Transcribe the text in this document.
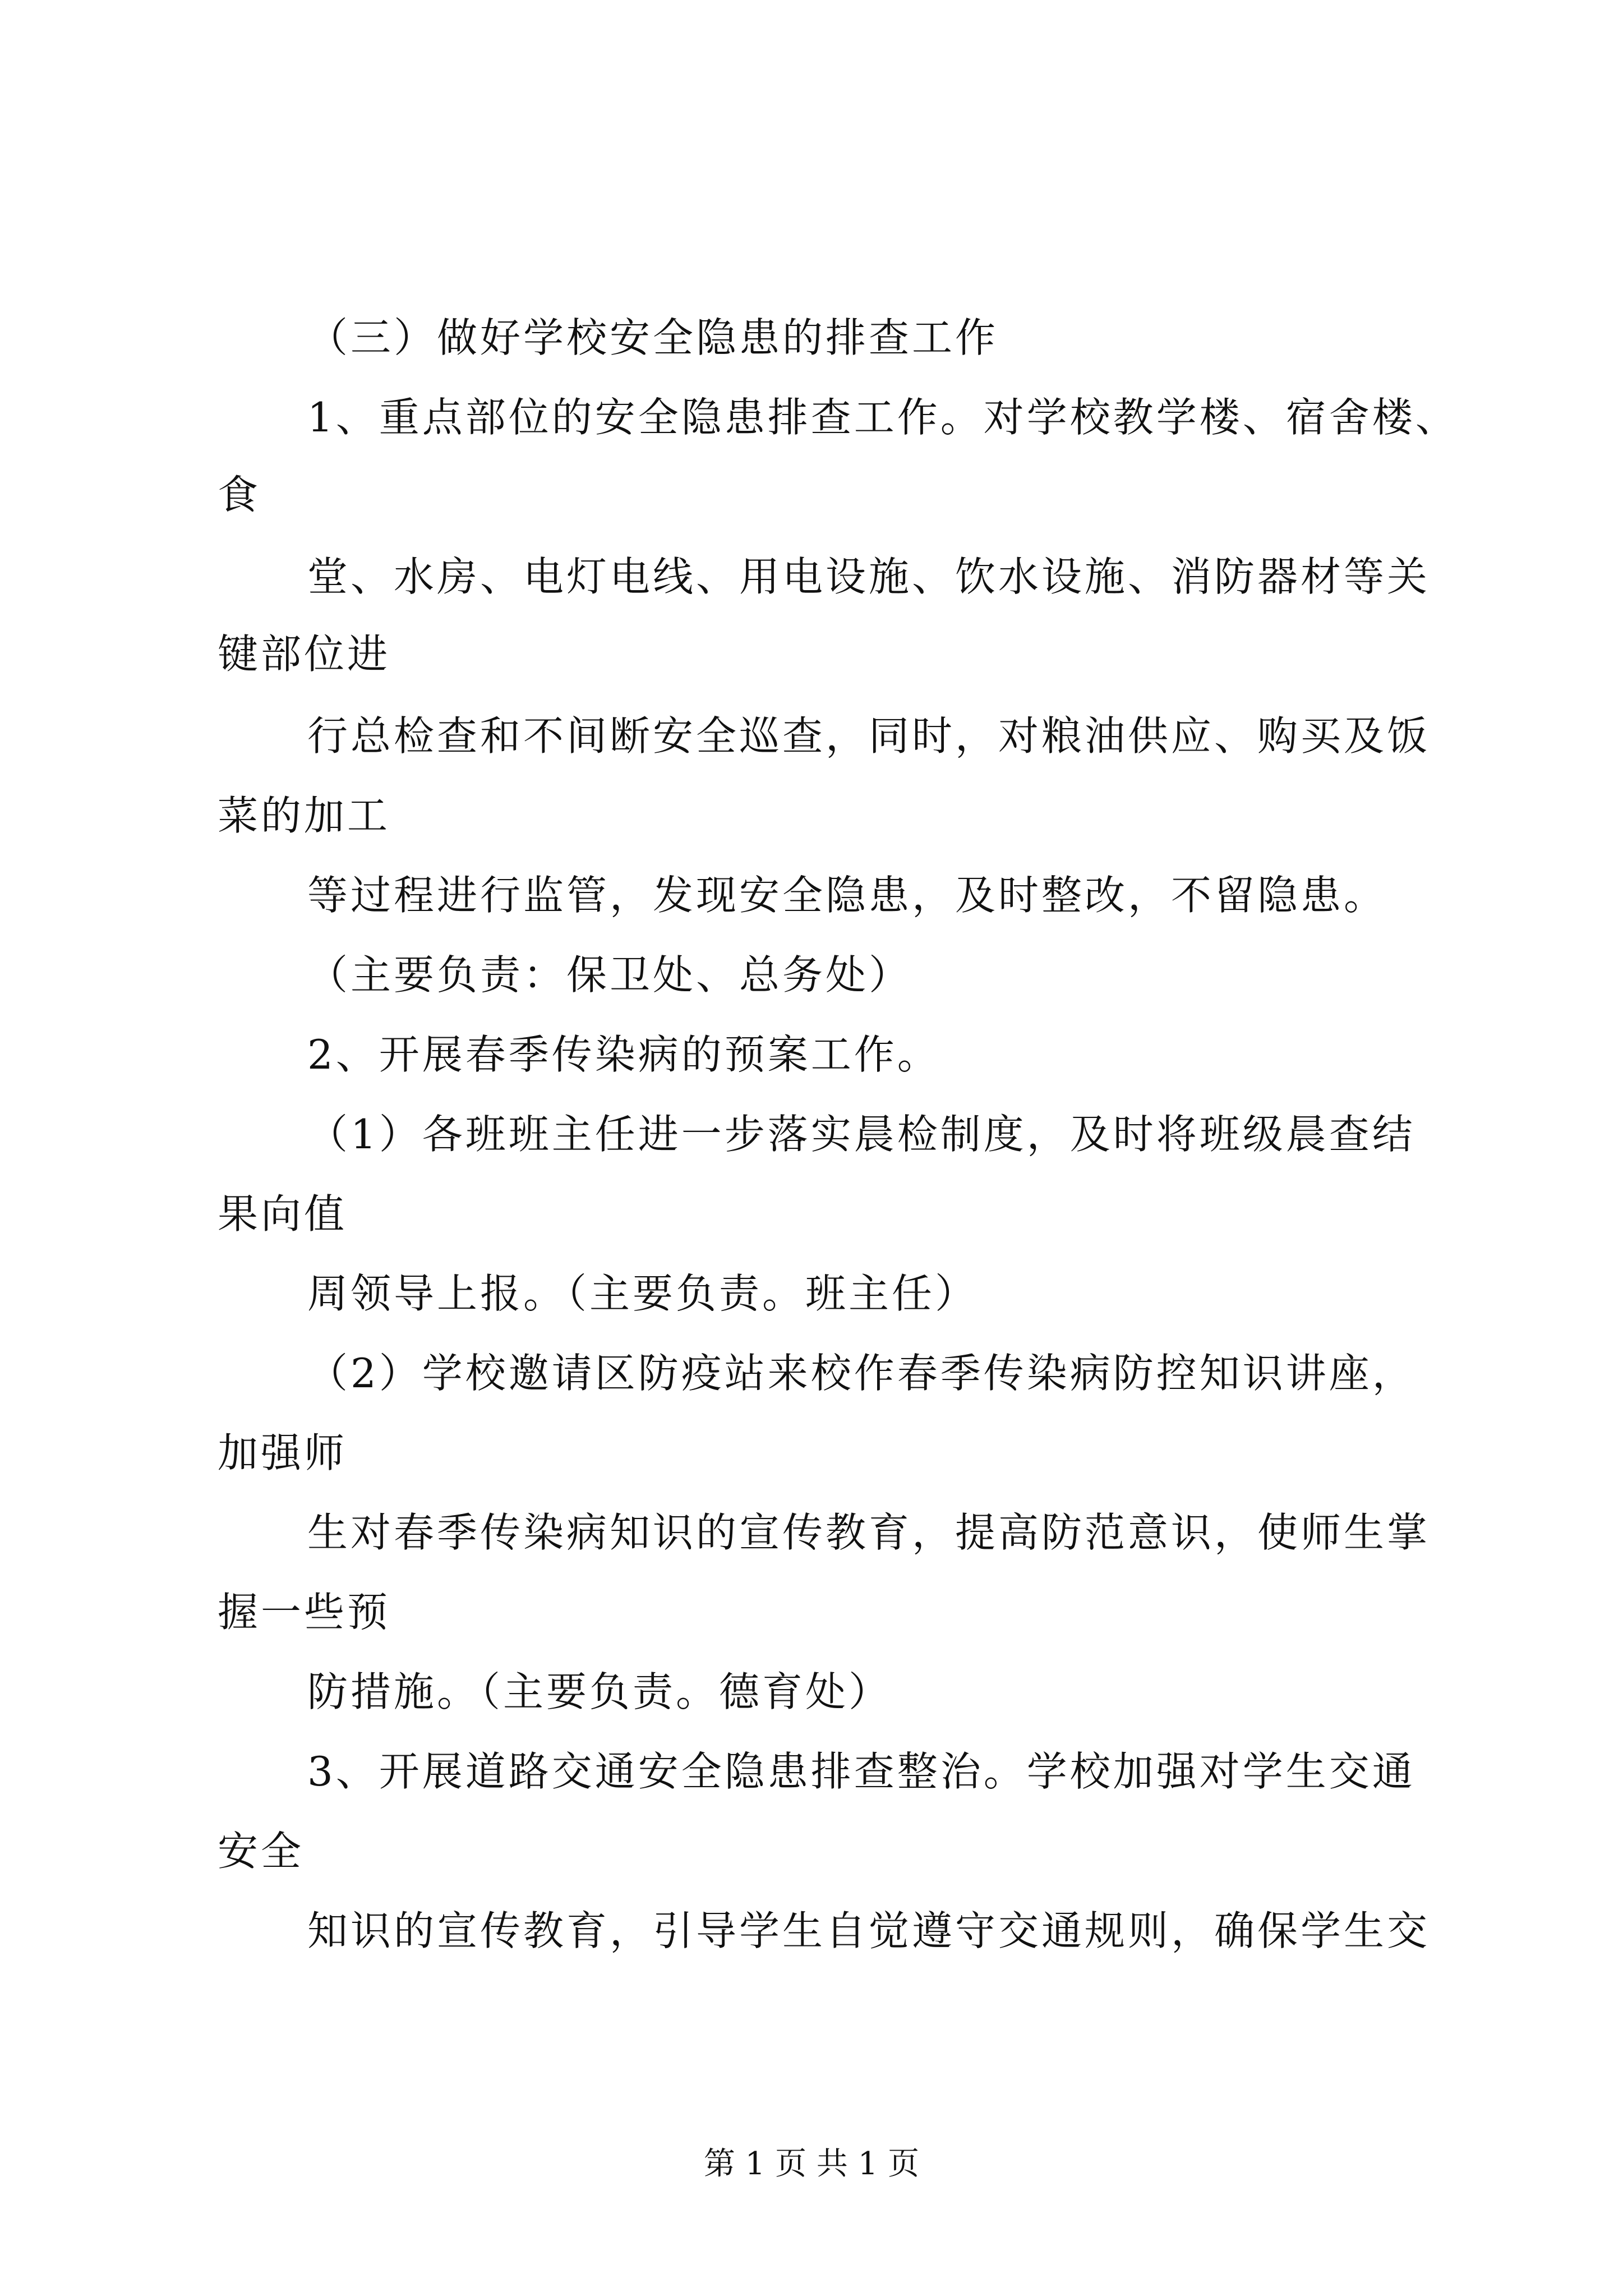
（三）做好学校安全隐患的排查工作
1、重点部位的安全隐患排查工作。对学校教学楼、宿舍楼、
食
堂、水房、电灯电线、用电设施、饮水设施、消防器材等关
键部位进
行总检查和不间断安全巡查，同时，对粮油供应、购买及饭
菜的加工
等过程进行监管，发现安全隐患，及时整改，不留隐患。
（主要负责：保卫处、总务处）
2、开展春季传染病的预案工作。
（1）各班班主任进一步落实晨检制度，及时将班级晨查结
果向值
周领导上报。（主要负责。班主任）
（2）学校邀请区防疫站来校作春季传染病防控知识讲座，
加强师
生对春季传染病知识的宣传教育，提高防范意识，使师生掌
握一些预
防措施。（主要负责。德育处）
3、开展道路交通安全隐患排查整治。学校加强对学生交通
安全
知识的宣传教育，引导学生自觉遵守交通规则，确保学生交
第 1 页 共 1 页
